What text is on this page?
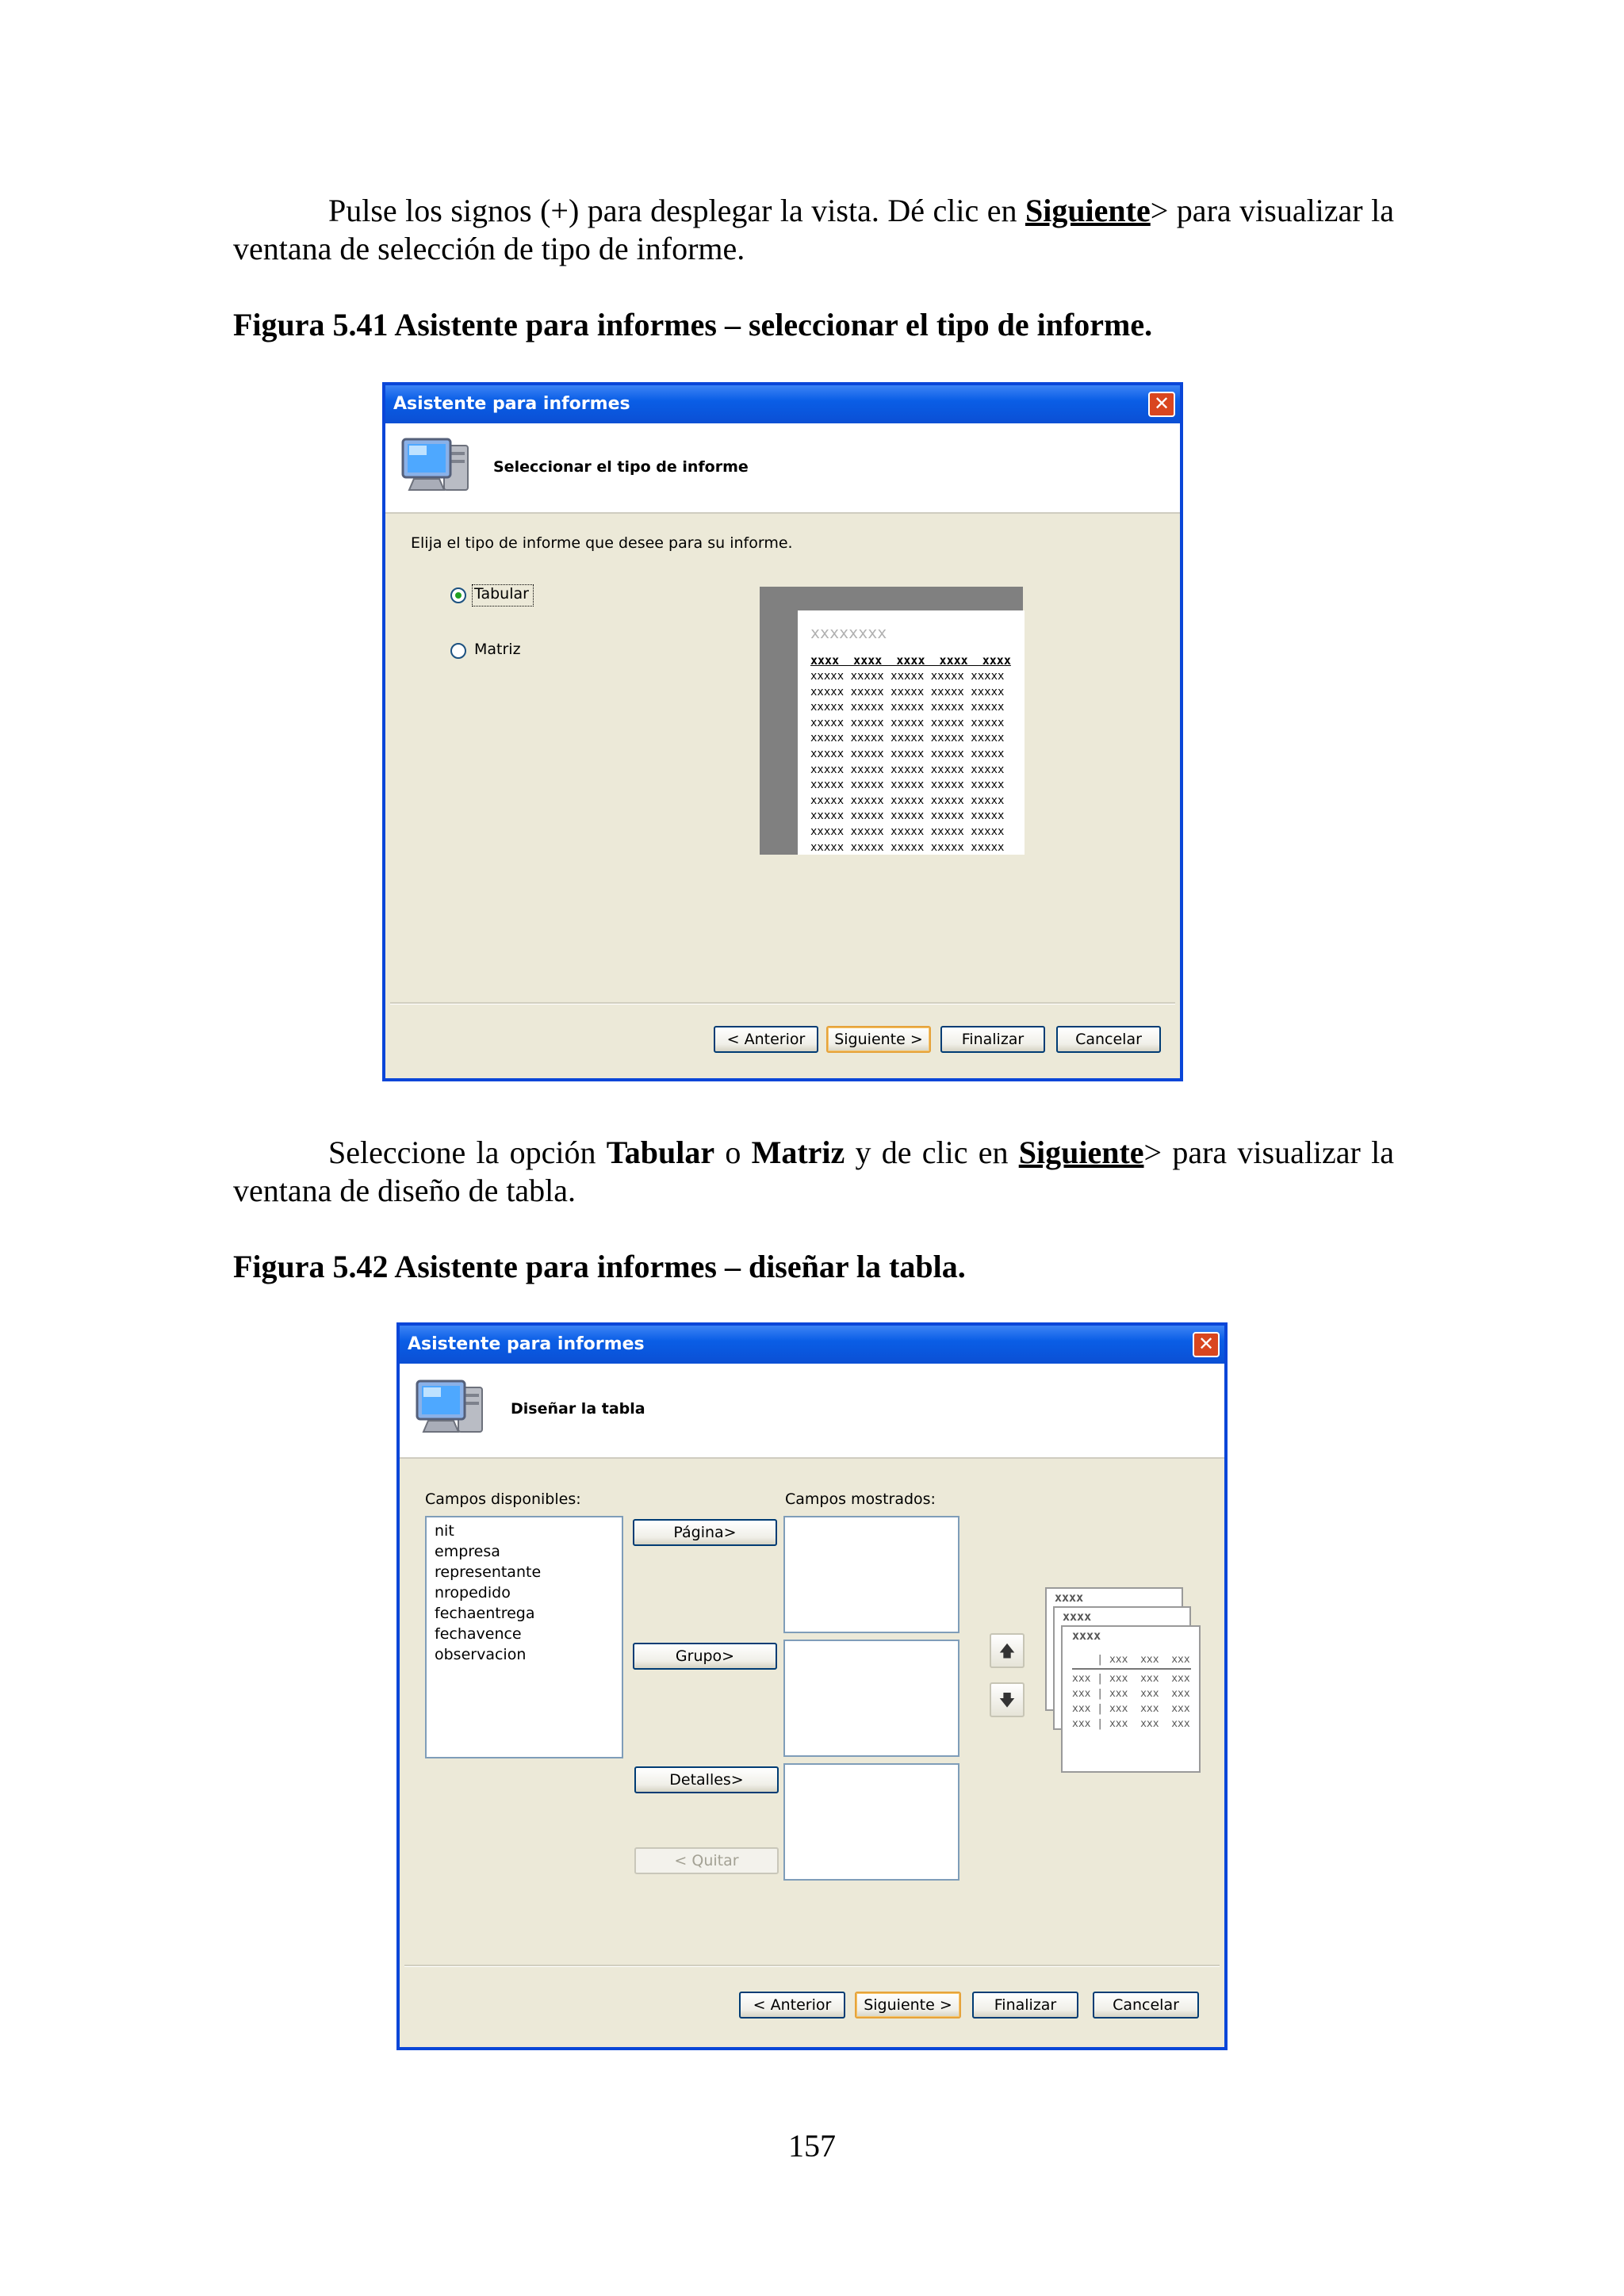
Pulse los signos (+) para desplegar la vista. Dé clic en Siguiente> para visualizar la ventana de selección de tipo de informe.
Figura 5.41 Asistente para informes – seleccionar el tipo de informe.
Asistente para informes	✕
Seleccionar el tipo de informe
Elija el tipo de informe que desee para su informe.
Tabular
Matriz
xxxxxxxx
xxxx  xxxx  xxxx  xxxx  xxxx
xxxxx xxxxx xxxxx xxxxx xxxxx
xxxxx xxxxx xxxxx xxxxx xxxxx
xxxxx xxxxx xxxxx xxxxx xxxxx
xxxxx xxxxx xxxxx xxxxx xxxxx
xxxxx xxxxx xxxxx xxxxx xxxxx
xxxxx xxxxx xxxxx xxxxx xxxxx
xxxxx xxxxx xxxxx xxxxx xxxxx
xxxxx xxxxx xxxxx xxxxx xxxxx
xxxxx xxxxx xxxxx xxxxx xxxxx
xxxxx xxxxx xxxxx xxxxx xxxxx
xxxxx xxxxx xxxxx xxxxx xxxxx
xxxxx xxxxx xxxxx xxxxx xxxxx
< Anterior	Siguiente >	Finalizar	Cancelar
Seleccione la opción Tabular o Matriz y de clic en Siguiente> para visualizar la ventana de diseño de tabla.
Figura 5.42 Asistente para informes – diseñar la tabla.
Asistente para informes	✕
Diseñar la tabla
Campos disponibles:	Campos mostrados:
nit
empresa
representante
nropedido
fechaentrega
fechavence
observacion
Página>
Grupo>
Detalles>
< Quitar
🡅
🡇
xxxx
xxxx
xxxx
| xxx  xxx  xxx
xxx | xxx  xxx  xxx
xxx | xxx  xxx  xxx
xxx | xxx  xxx  xxx
xxx | xxx  xxx  xxx
< Anterior	Siguiente >	Finalizar	Cancelar
157
